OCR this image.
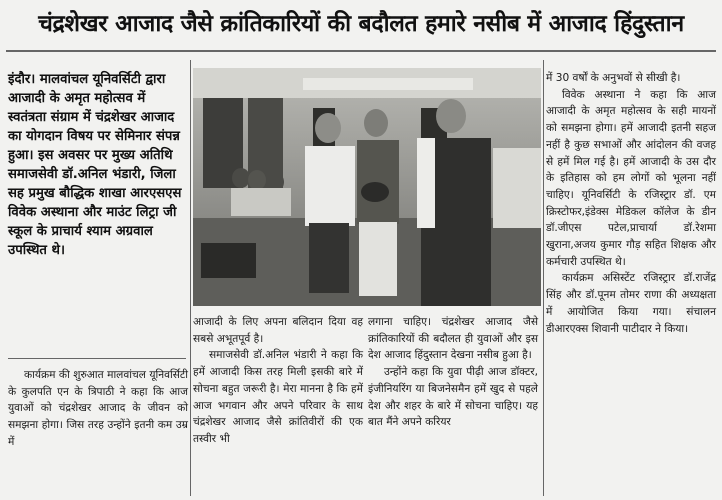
चंद्रशेखर आजाद जैसे क्रांतिकारियों की बदौलत हमारे नसीब में आजाद हिंदुस्तान
इंदौर। मालवांचल यूनिवर्सिटी द्वारा आजादी के अमृत महोत्सव में स्वतंत्रता संग्राम में चंद्रशेखर आजाद का योगदान विषय पर सेमिनार संपन्न हुआ। इस अवसर पर मुख्य अतिथि समाजसेवी डॉ.अनिल भंडारी, जिला सह प्रमुख बौद्धिक शाखा आरएसएस विवेक अस्थाना और माउंट लिट्रा जी स्कूल के प्राचार्य श्याम अग्रवाल उपस्थित थे।

कार्यक्रम की शुरुआत मालवांचल यूनिवर्सिटी के कुलपति एन के त्रिपाठी ने कहा कि आज युवाओं को चंद्रशेखर आजाद के जीवन को समझना होगा। जिस तरह उन्होंने इतनी कम उम्र में

आजादी के लिए अपना बलिदान दिया वह सबसे अभूतपूर्व है।

समाजसेवी डॉ.अनिल भंडारी ने कहा कि हमें आजादी किस तरह मिली इसकी बारे में सोचना बहुत जरूरी है। मेरा मानना है कि हमें आज भगवान और अपने परिवार के साथ चंद्रशेखर आजाद जैसे क्रांतिवीरों की एक तस्वीर भी

लगाना चाहिए। चंद्रशेखर आजाद जैसे क्रांतिकारियों की बदौलत ही युवाओं और इस देश आजाद हिंदुस्तान देखना नसीब हुआ है।

उन्होंने कहा कि युवा पीढ़ी आज डॉक्टर, इंजीनियरिंग या बिजनेसमैन हमें खुद से पहले देश और शहर के बारे में सोचना चाहिए। यह बात मैंने अपने करियर

में 30 वर्षों के अनुभवों से सीखी है।

विवेक अस्थाना ने कहा कि आज आजादी के अमृत महोत्सव के सही मायनों को समझना होगा। हमें आजादी इतनी सहज नहीं है कुछ सभाओं और आंदोलन की वजह से हमें मिल गई है। हमें आजादी के उस दौर के इतिहास को हम लोगों को भूलना नहीं चाहिए। यूनिवर्सिटी के रजिस्ट्रार डॉ. एम क्रिस्टोफर,इंडेक्स मेडिकल कॉलेज के डीन डॉ.जीएस पटेल,प्राचार्या डॉ.रेशमा खुराना,अजय कुमार गौड़ सहित शिक्षक और कर्मचारी उपस्थित थे।

कार्यक्रम असिस्टेंट रजिस्ट्रार डॉ.राजेंद्र सिंह और डॉ.पूनम तोमर राणा की अध्यक्षता में आयोजित किया गया। संचालन डीआरएक्स शिवानी पाटीदार ने किया।
